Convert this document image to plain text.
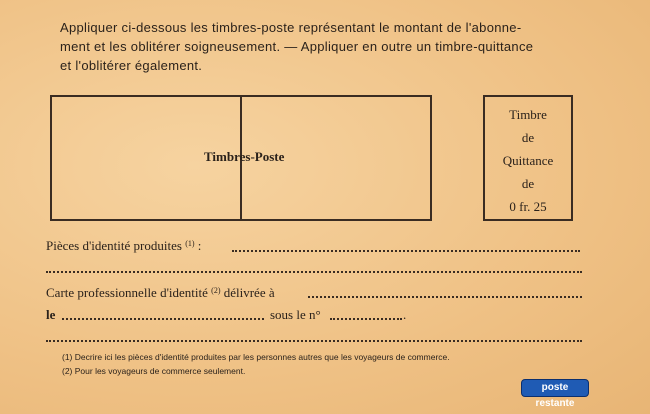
Appliquer ci-dessous les timbres-poste représentant le montant de l'abonne-
ment et les oblitérer soigneusement. — Appliquer en outre un timbre-quittance
et l'oblitérer également.
Timbres-Poste
Timbre
de
Quittance
de
0 fr. 25
Pièces d'identité produites $^{(1)}$ :
Carte professionnelle d'identité $^{(2)}$ délivrée à
le	sous le n°	.
(1) Decrire ici les pièces d'identité produites par les personnes autres que les voyageurs de commerce.
(2) Pour les voyageurs de commerce seulement.
poste restante
